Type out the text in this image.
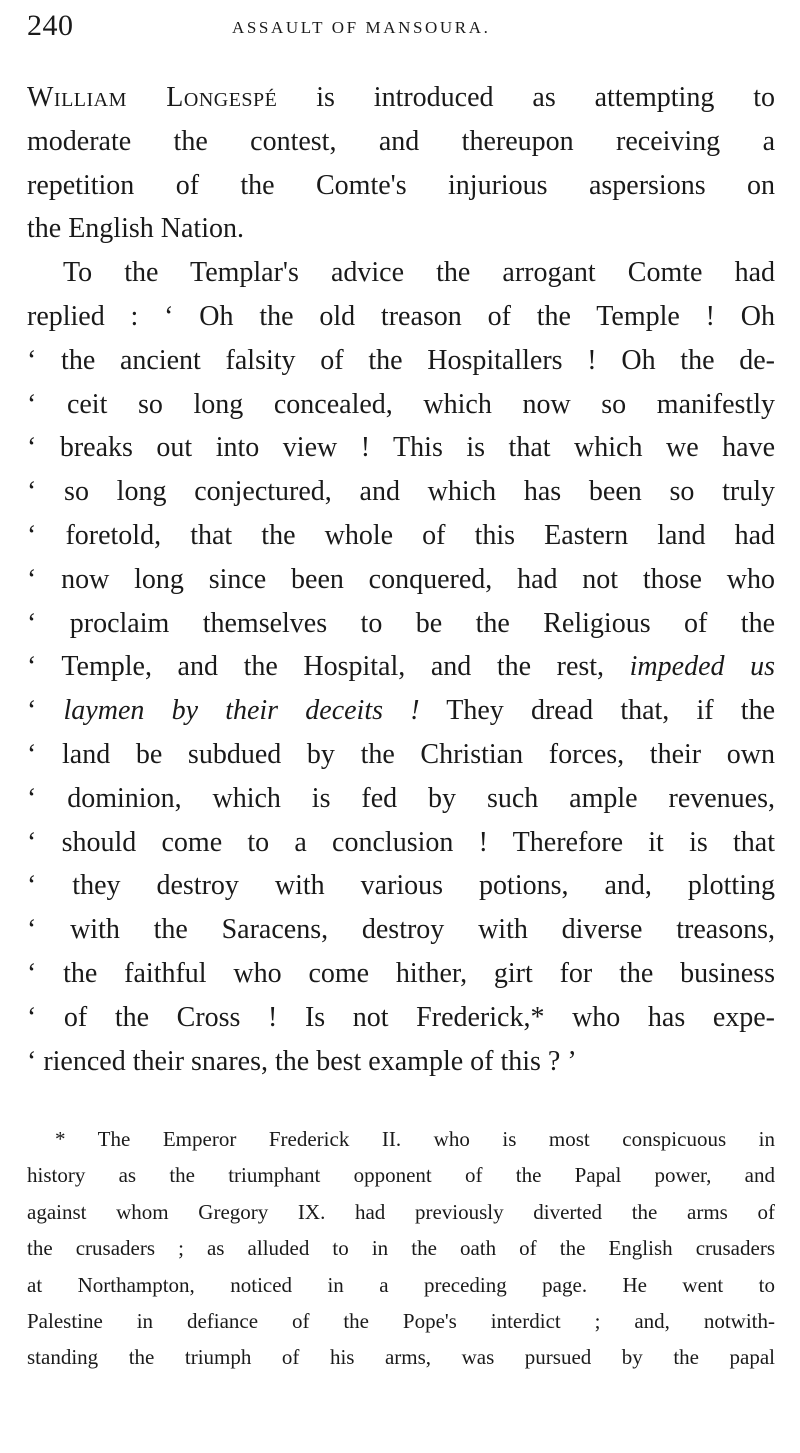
240	ASSAULT OF MANSOURA.
William Longespé is introduced as attempting to
moderate the contest, and thereupon receiving a
repetition of the Comte's injurious aspersions on
the English Nation.
To the Templar's advice the arrogant Comte had
replied : ‘ Oh the old treason of the Temple ! Oh
‘ the ancient falsity of the Hospitallers ! Oh the de-
‘ ceit so long concealed, which now so manifestly
‘ breaks out into view ! This is that which we have
‘ so long conjectured, and which has been so truly
‘ foretold, that the whole of this Eastern land had
‘ now long since been conquered, had not those who
‘ proclaim themselves to be the Religious of the
‘ Temple, and the Hospital, and the rest, impeded us
‘ laymen by their deceits ! They dread that, if the
‘ land be subdued by the Christian forces, their own
‘ dominion, which is fed by such ample revenues,
‘ should come to a conclusion ! Therefore it is that
‘ they destroy with various potions, and, plotting
‘ with the Saracens, destroy with diverse treasons,
‘ the faithful who come hither, girt for the business
‘ of the Cross ! Is not Frederick,* who has expe-
‘ rienced their snares, the best example of this ? ’
* The Emperor Frederick II. who is most conspicuous in
history as the triumphant opponent of the Papal power, and
against whom Gregory IX. had previously diverted the arms of
the crusaders ; as alluded to in the oath of the English crusaders
at Northampton, noticed in a preceding page. He went to
Palestine in defiance of the Pope's interdict ; and, notwith-
standing the triumph of his arms, was pursued by the papal
